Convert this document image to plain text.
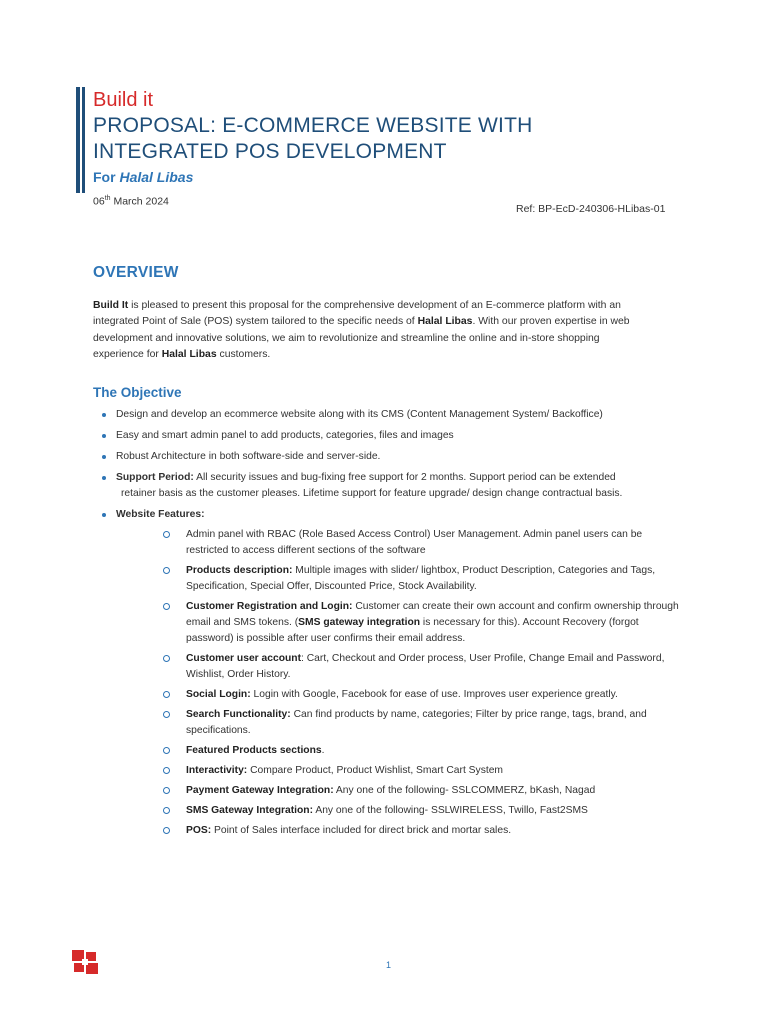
Build it
PROPOSAL: E-COMMERCE WEBSITE WITH
INTEGRATED POS DEVELOPMENT
For Halal Libas
06th March 2024
Ref: BP-EcD-240306-HLibas-01
OVERVIEW
Build It is pleased to present this proposal for the comprehensive development of an E-commerce platform with an integrated Point of Sale (POS) system tailored to the specific needs of Halal Libas. With our proven expertise in web development and innovative solutions, we aim to revolutionize and streamline the online and in-store shopping experience for Halal Libas customers.
The Objective
Design and develop an ecommerce website along with its CMS (Content Management System/ Backoffice)
Easy and smart admin panel to add products, categories, files and images
Robust Architecture in both software-side and server-side.
Support Period: All security issues and bug-fixing free support for 2 months. Support period can be extended
retainer basis as the customer pleases. Lifetime support for feature upgrade/ design change contractual basis.
Website Features:
Admin panel with RBAC (Role Based Access Control) User Management. Admin panel users can be restricted to access different sections of the software
Products description: Multiple images with slider/ lightbox, Product Description, Categories and Tags, Specification, Special Offer, Discounted Price, Stock Availability.
Customer Registration and Login: Customer can create their own account and confirm ownership through email and SMS tokens. (SMS gateway integration is necessary for this). Account Recovery (forgot password) is possible after user confirms their email address.
Customer user account: Cart, Checkout and Order process, User Profile, Change Email and Password, Wishlist, Order History.
Social Login: Login with Google, Facebook for ease of use. Improves user experience greatly.
Search Functionality: Can find products by name, categories; Filter by price range, tags, brand, and specifications.
Featured Products sections.
Interactivity: Compare Product, Product Wishlist, Smart Cart System
Payment Gateway Integration: Any one of the following- SSLCOMMERZ, bKash, Nagad
SMS Gateway Integration: Any one of the following- SSLWIRELESS, Twillo, Fast2SMS
POS: Point of Sales interface included for direct brick and mortar sales.
1
